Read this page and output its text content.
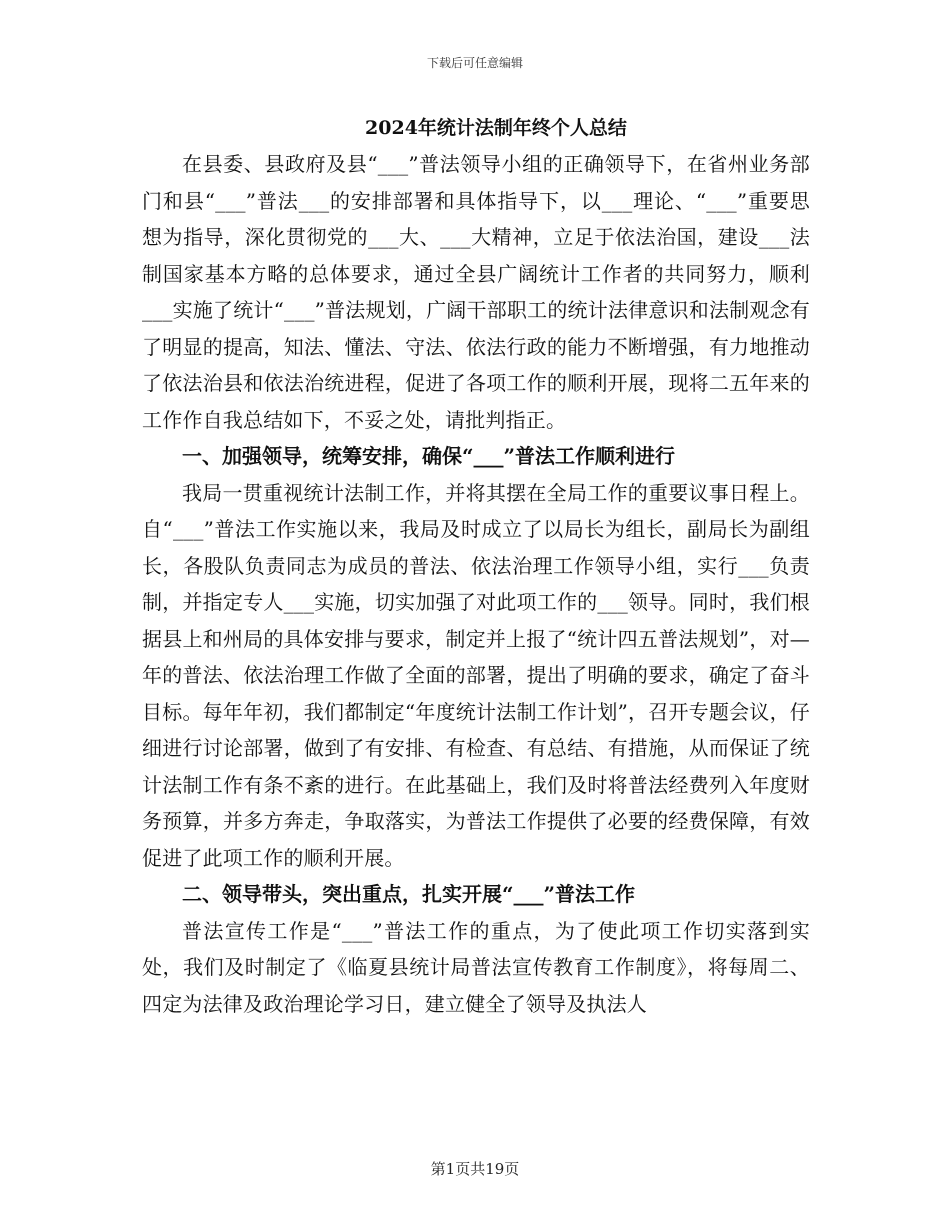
下载后可任意编辑
2024年统计法制年终个人总结

在县委、县政府及县“___”普法领导小组的正确领导下，在省州业务部门和县“___”普法___的安排部署和具体指导下，以___理论、“___”重要思想为指导，深化贯彻党的___大、___大精神，立足于依法治国，建设___法制国家基本方略的总体要求，通过全县广阔统计工作者的共同努力，顺利___实施了统计“___”普法规划，广阔干部职工的统计法律意识和法制观念有了明显的提高，知法、懂法、守法、依法行政的能力不断增强，有力地推动了依法治县和依法治统进程，促进了各项工作的顺利开展，现将二五年来的工作作自我总结如下，不妥之处，请批判指正。

一、加强领导，统筹安排，确保“___”普法工作顺利进行

我局一贯重视统计法制工作，并将其摆在全局工作的重要议事日程上。自“___”普法工作实施以来，我局及时成立了以局长为组长，副局长为副组长，各股队负责同志为成员的普法、依法治理工作领导小组，实行___负责制，并指定专人___实施，切实加强了对此项工作的___领导。同时，我们根据县上和州局的具体安排与要求，制定并上报了“统计四五普法规划”，对—年的普法、依法治理工作做了全面的部署，提出了明确的要求，确定了奋斗目标。每年年初，我们都制定“年度统计法制工作计划”，召开专题会议，仔细进行讨论部署，做到了有安排、有检查、有总结、有措施，从而保证了统计法制工作有条不紊的进行。在此基础上，我们及时将普法经费列入年度财务预算，并多方奔走，争取落实，为普法工作提供了必要的经费保障，有效促进了此项工作的顺利开展。

二、领导带头，突出重点，扎实开展“___”普法工作

普法宣传工作是“___”普法工作的重点，为了使此项工作切实落到实处，我们及时制定了《临夏县统计局普法宣传教育工作制度》，将每周二、四定为法律及政治理论学习日，建立健全了领导及执法人

第1页共19页
